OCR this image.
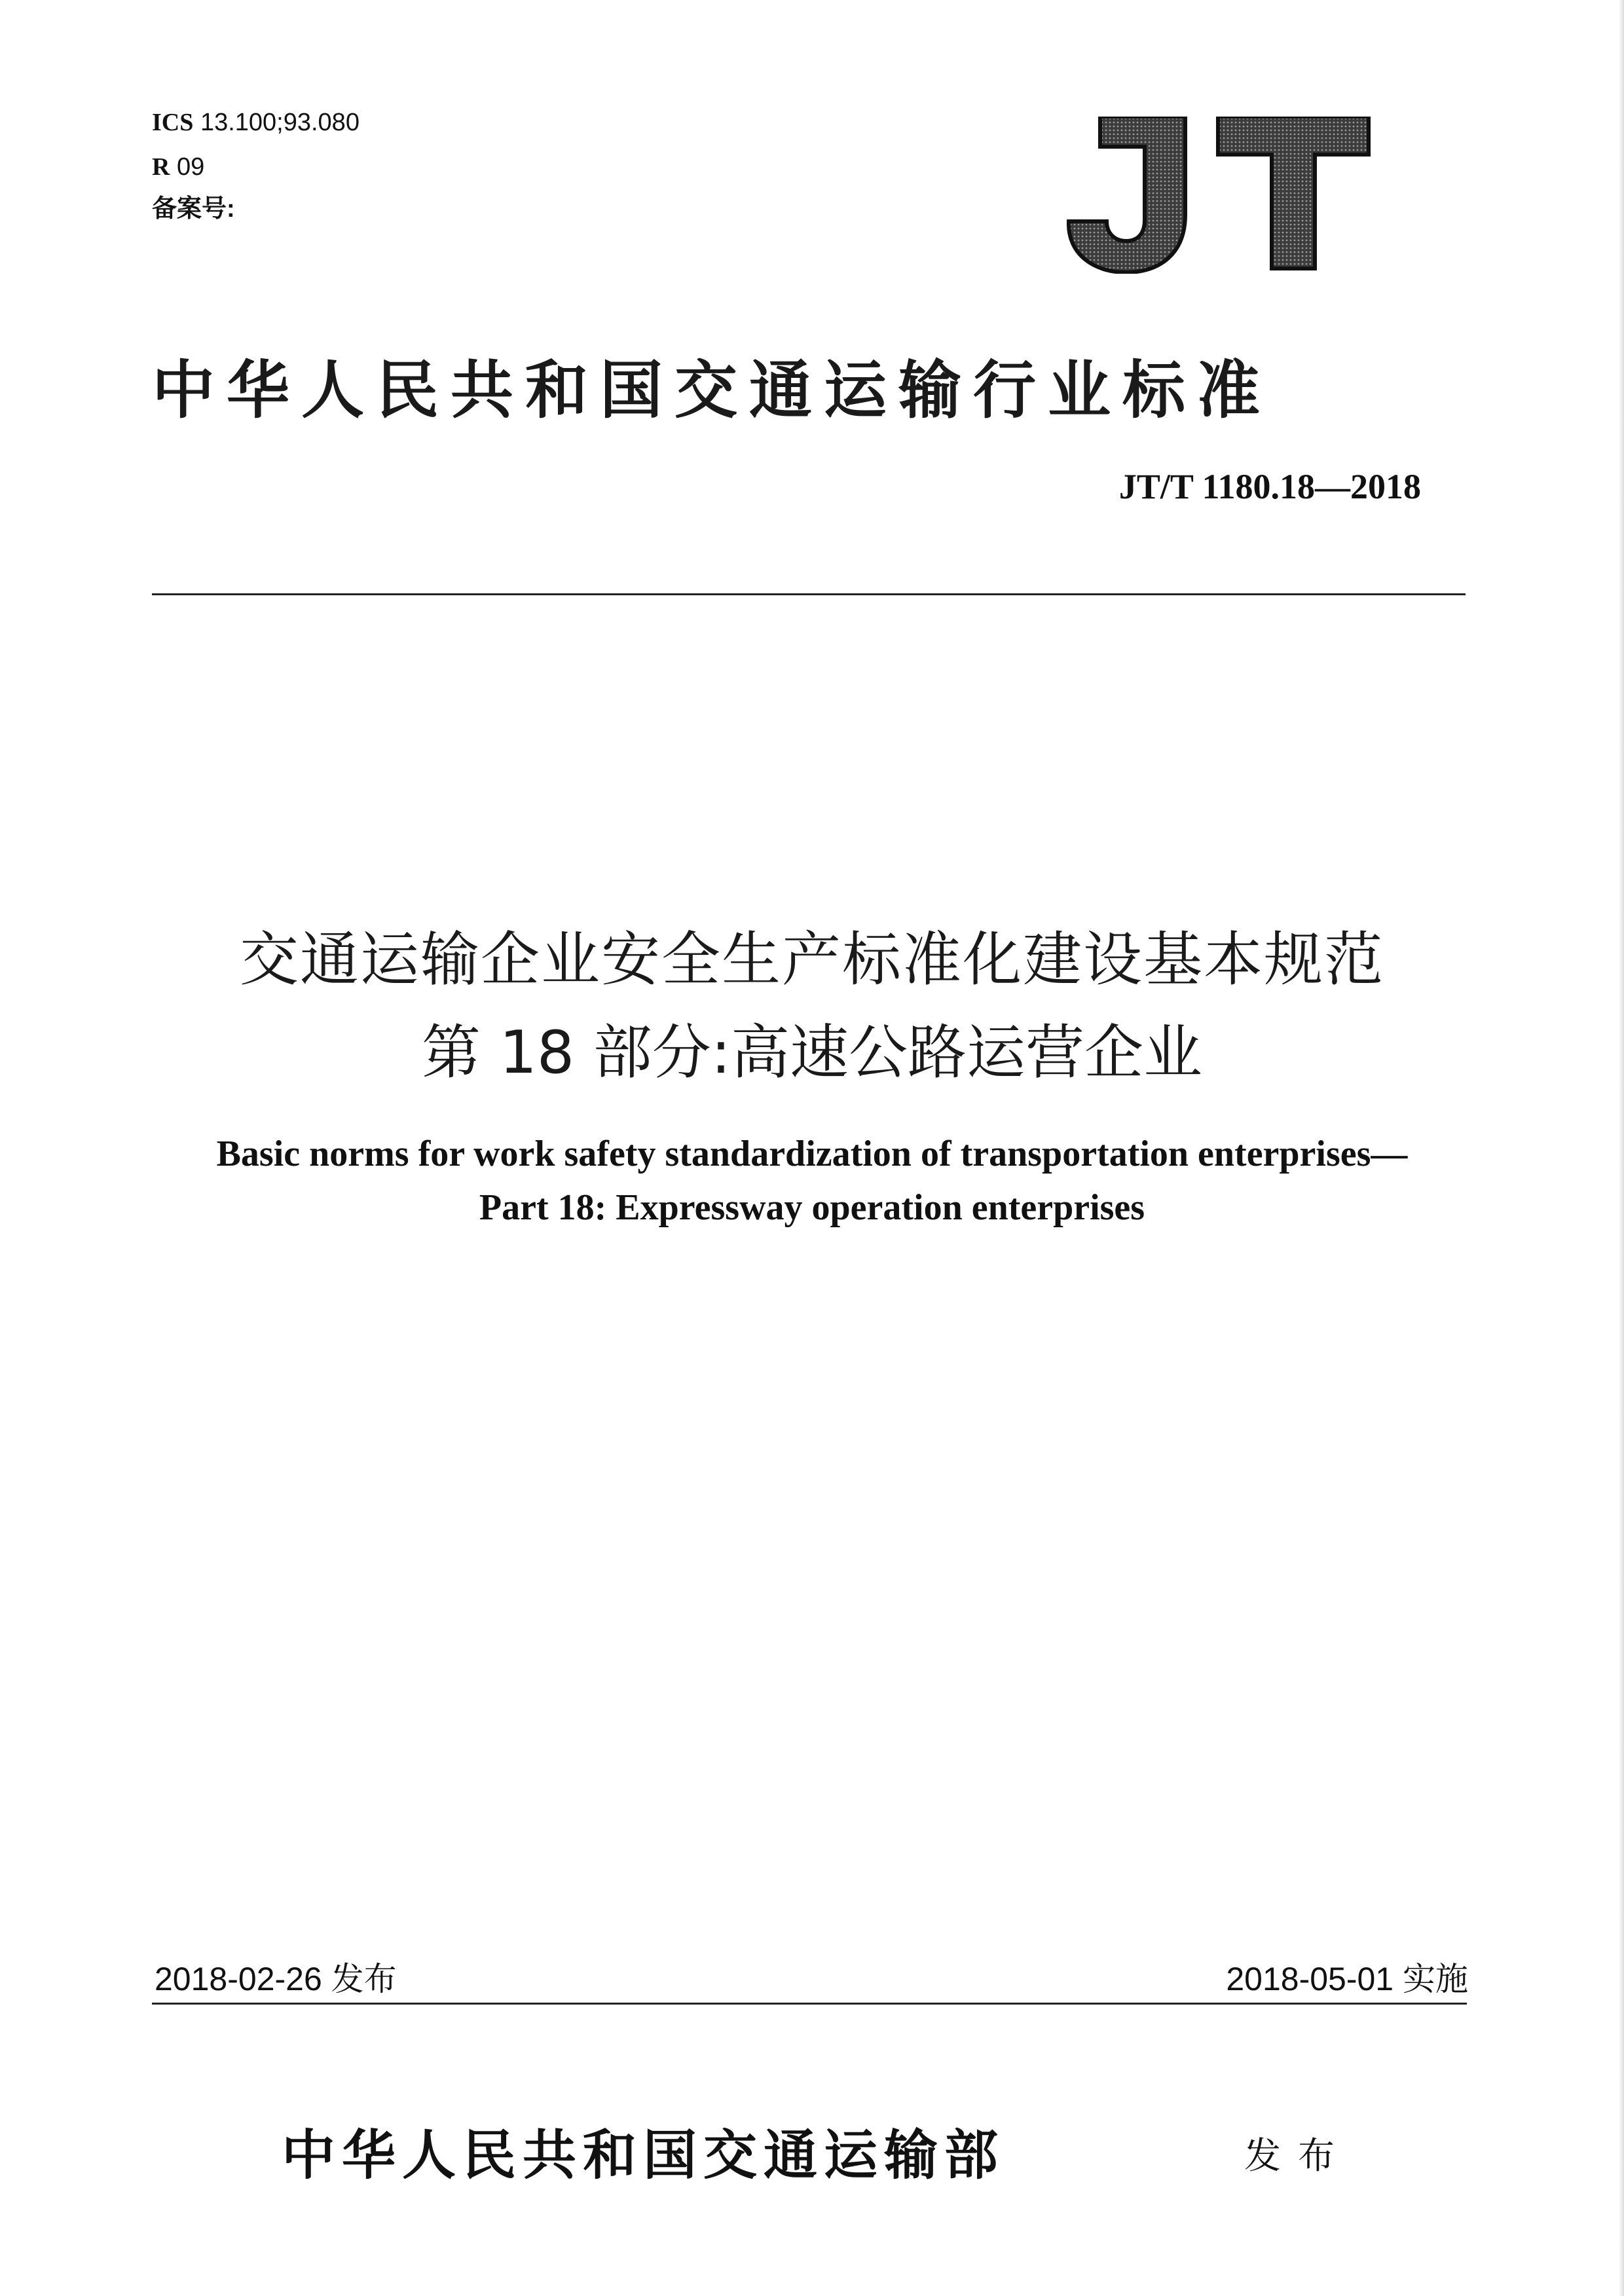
ICS 13.100;93.080
R 09
备案号:
中华人民共和国交通运输行业标准
JT/T 1180.18—2018
交通运输企业安全生产标准化建设基本规范
第 18 部分:高速公路运营企业
Basic norms for work safety standardization of transportation enterprises—
Part 18: Expressway operation enterprises
2018-02-26 发布	2018-05-01 实施
中华人民共和国交通运输部	发布
